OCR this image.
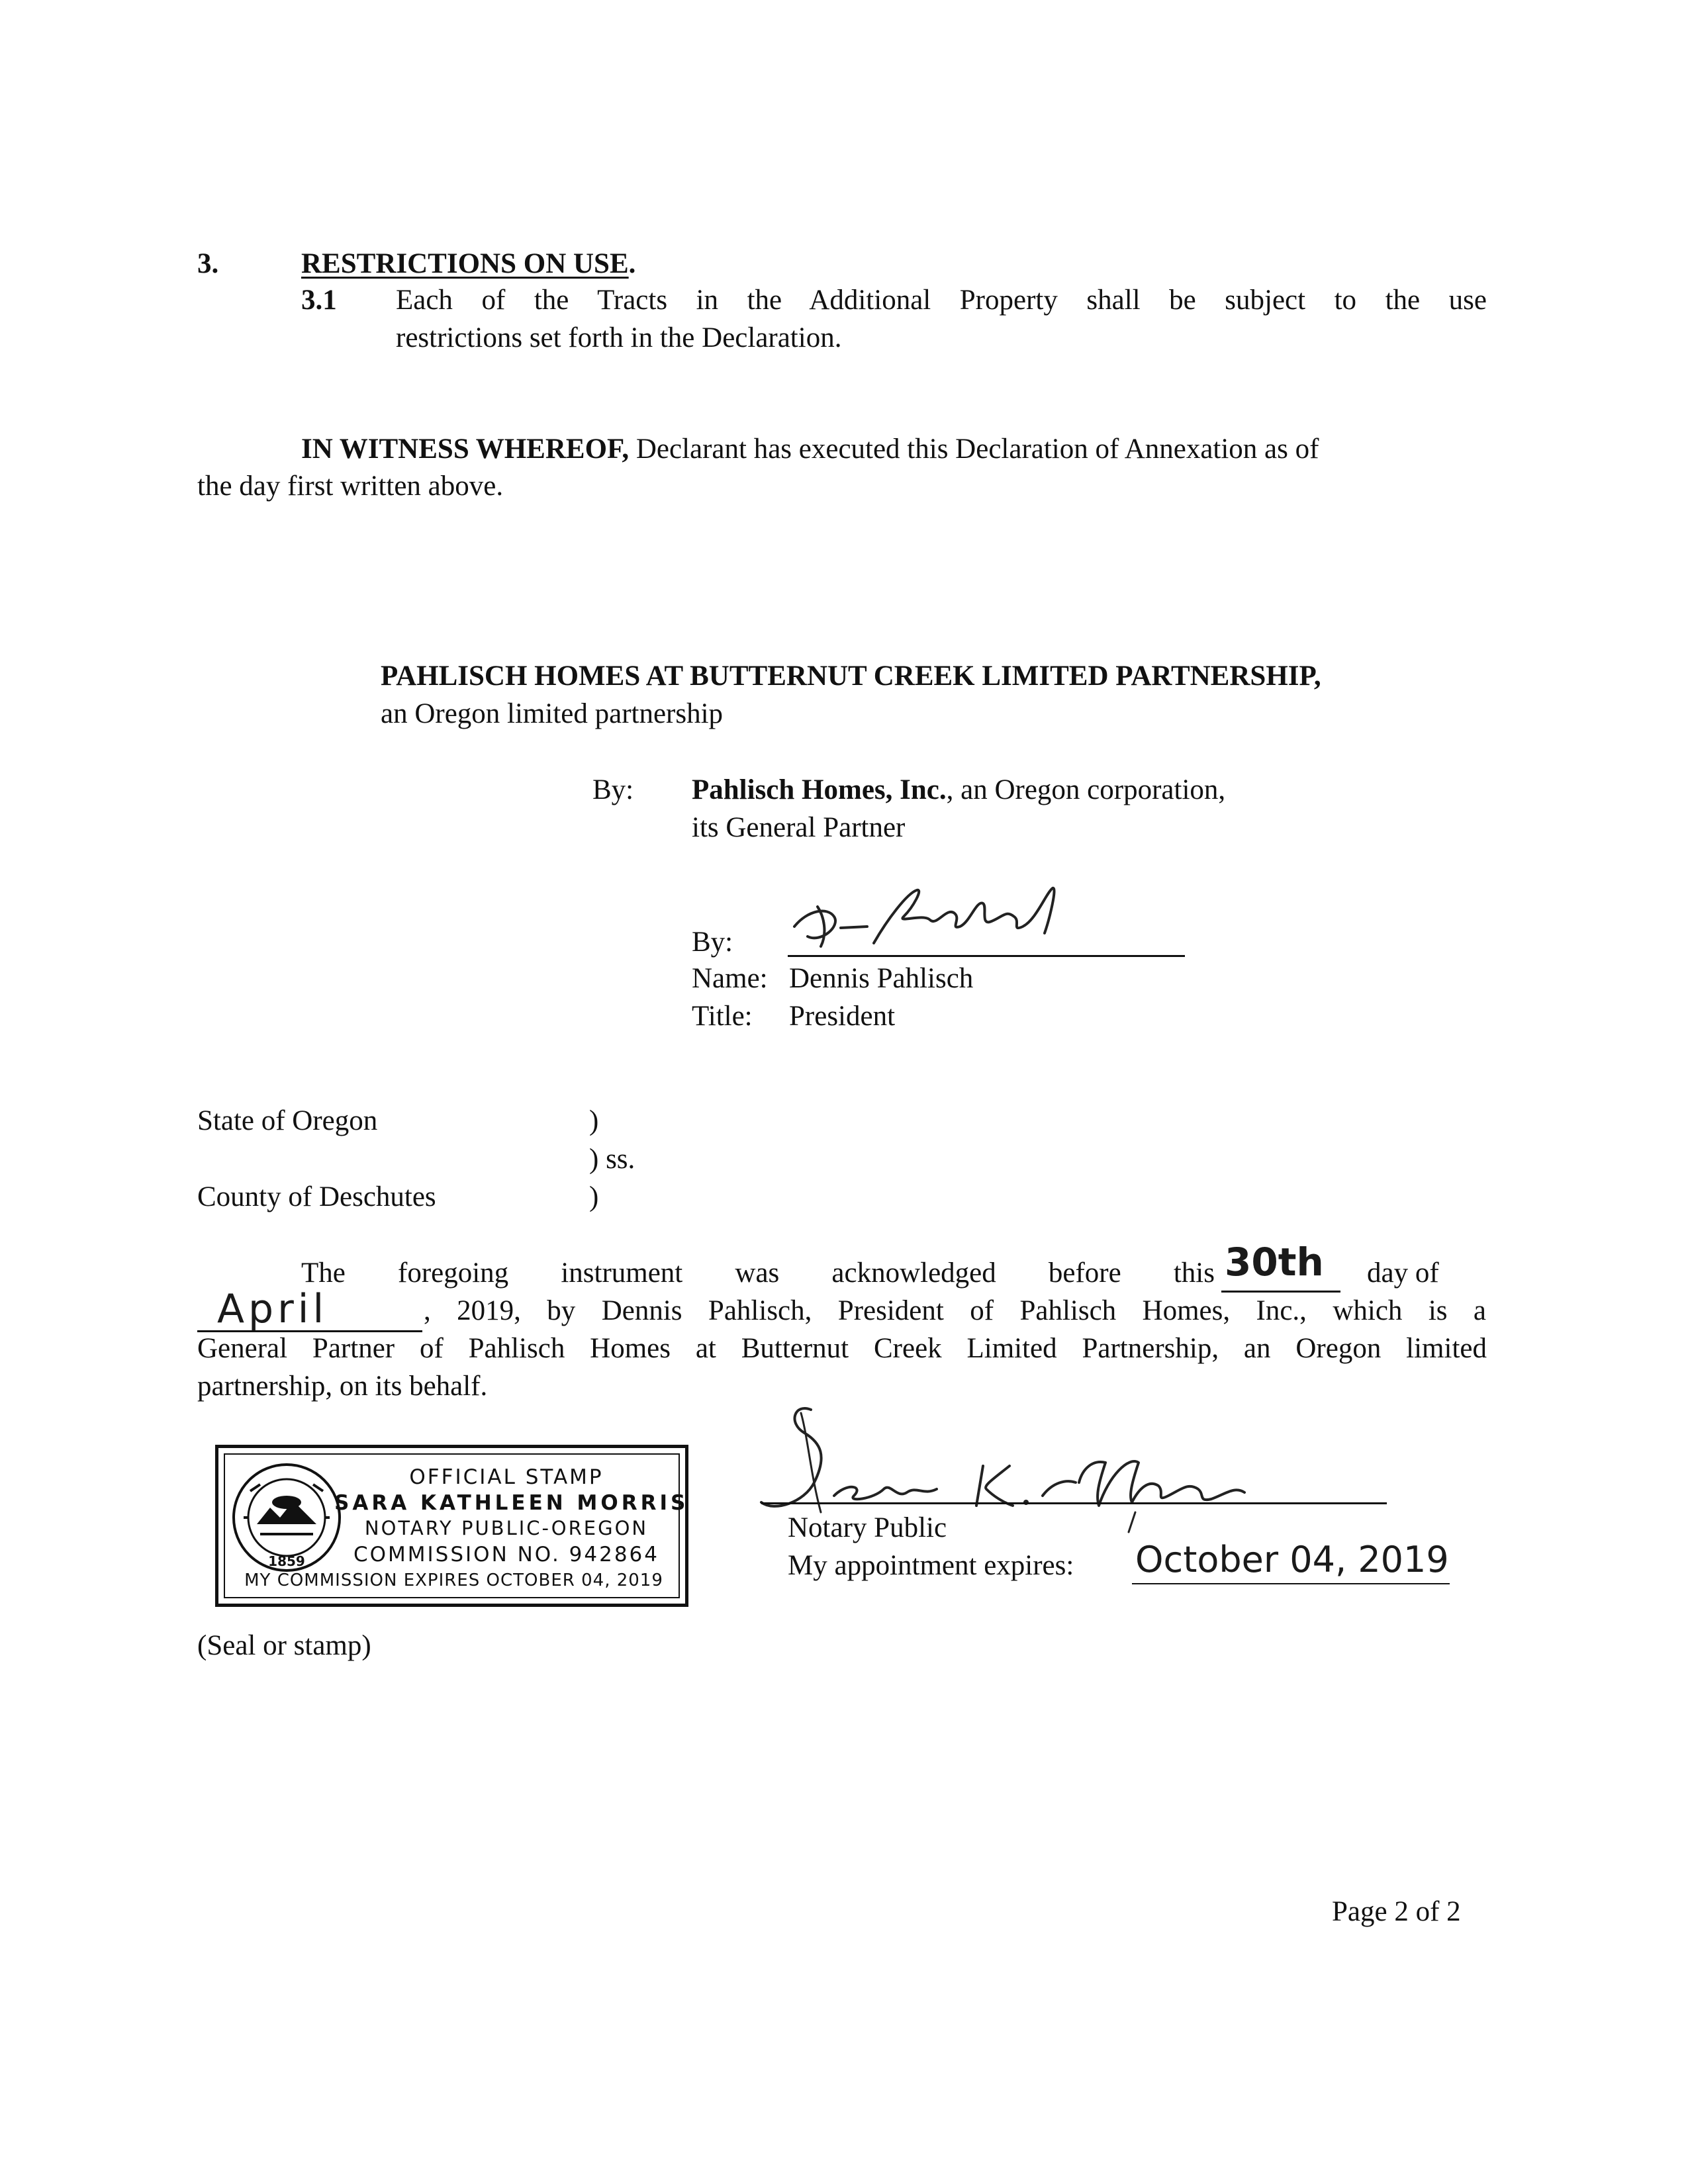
3.	RESTRICTIONS ON USE.
3.1 Each of the Tracts in the Additional Property shall be subject to the use
restrictions set forth in the Declaration.
IN WITNESS WHEREOF, Declarant has executed this Declaration of Annexation as of
the day first written above.
PAHLISCH HOMES AT BUTTERNUT CREEK LIMITED PARTNERSHIP,
an Oregon limited partnership
By: Pahlisch Homes, Inc., an Oregon corporation,
its General Partner
By:
Name: Dennis Pahlisch
Title: President
State of Oregon	)
) ss.
County of Deschutes	)
The foregoing instrument was acknowledged before this 30th day of
April	, 2019, by Dennis Pahlisch, President of Pahlisch Homes, Inc., which is a
General Partner of Pahlisch Homes at Butternut Creek Limited Partnership, an Oregon limited
partnership, on its behalf.
1859
OFFICIAL STAMP
SARA KATHLEEN MORRIS
NOTARY PUBLIC-OREGON
COMMISSION NO. 942864
MY COMMISSION EXPIRES OCTOBER 04, 2019
(Seal or stamp)
Notary Public
My appointment expires: October 04, 2019
Page 2 of 2
